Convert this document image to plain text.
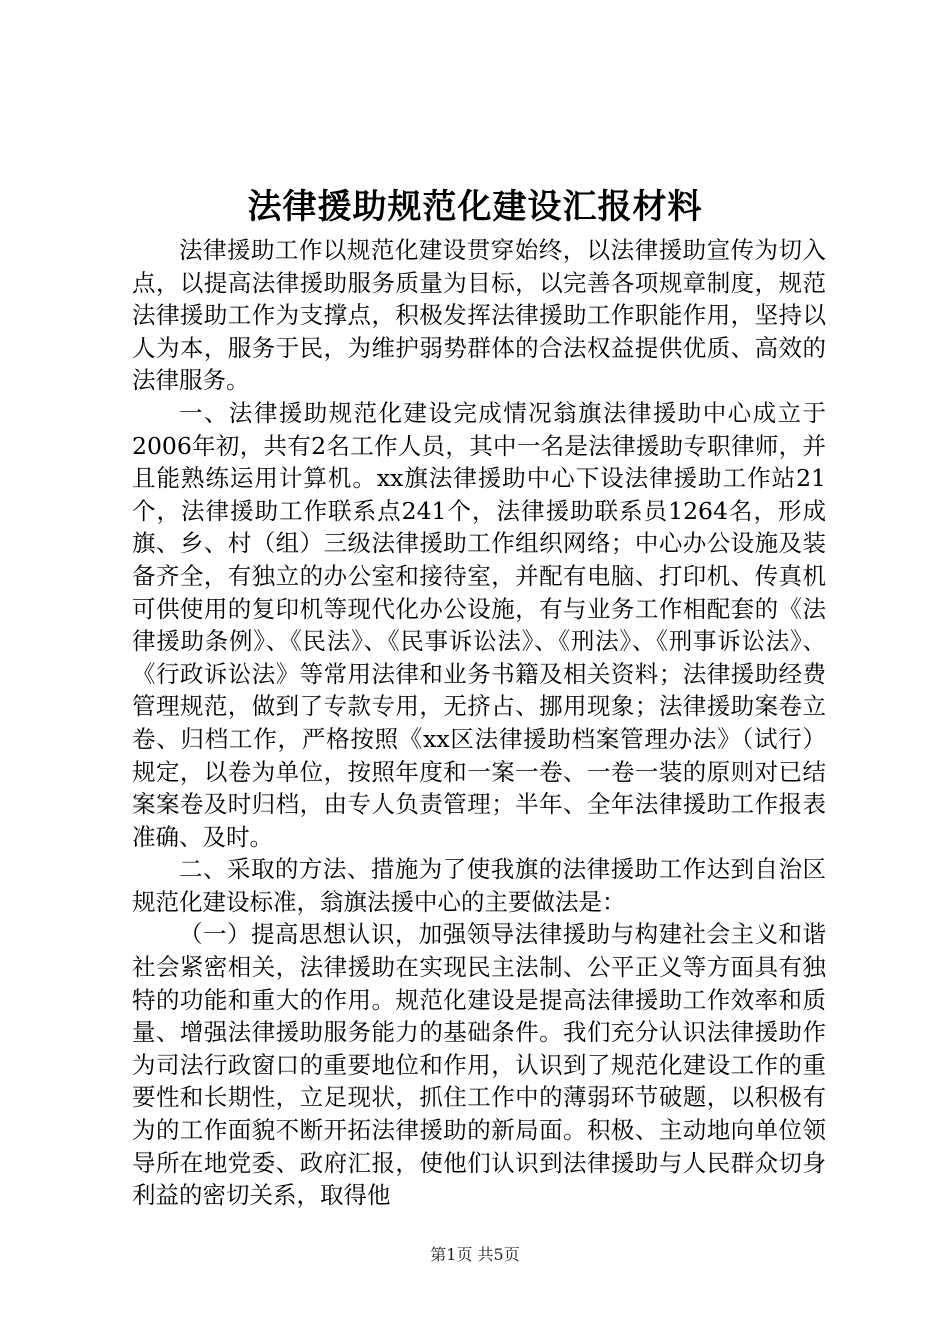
法律援助规范化建设汇报材料

法律援助工作以规范化建设贯穿始终，以法律援助宣传为切入点，以提高法律援助服务质量为目标，以完善各项规章制度，规范法律援助工作为支撑点，积极发挥法律援助工作职能作用，坚持以人为本，服务于民，为维护弱势群体的合法权益提供优质、高效的法律服务。

一、法律援助规范化建设完成情况翁旗法律援助中心成立于2006年初，共有2名工作人员，其中一名是法律援助专职律师，并且能熟练运用计算机。xx旗法律援助中心下设法律援助工作站21个，法律援助工作联系点241个，法律援助联系员1264名，形成旗、乡、村（组）三级法律援助工作组织网络；中心办公设施及装备齐全，有独立的办公室和接待室，并配有电脑、打印机、传真机可供使用的复印机等现代化办公设施，有与业务工作相配套的《法律援助条例》、《民法》、《民事诉讼法》、《刑法》、《刑事诉讼法》、《行政诉讼法》等常用法律和业务书籍及相关资料；法律援助经费管理规范，做到了专款专用，无挤占、挪用现象；法律援助案卷立卷、归档工作，严格按照《xx区法律援助档案管理办法》（试行）规定，以卷为单位，按照年度和一案一卷、一卷一装的原则对已结案案卷及时归档，由专人负责管理；半年、全年法律援助工作报表准确、及时。

二、采取的方法、措施为了使我旗的法律援助工作达到自治区规范化建设标准，翁旗法援中心的主要做法是：

（一）提高思想认识，加强领导法律援助与构建社会主义和谐社会紧密相关，法律援助在实现民主法制、公平正义等方面具有独特的功能和重大的作用。规范化建设是提高法律援助工作效率和质量、增强法律援助服务能力的基础条件。我们充分认识法律援助作为司法行政窗口的重要地位和作用，认识到了规范化建设工作的重要性和长期性，立足现状，抓住工作中的薄弱环节破题，以积极有为的工作面貌不断开拓法律援助的新局面。积极、主动地向单位领导所在地党委、政府汇报，使他们认识到法律援助与人民群众切身利益的密切关系，取得他

第1页 共5页
